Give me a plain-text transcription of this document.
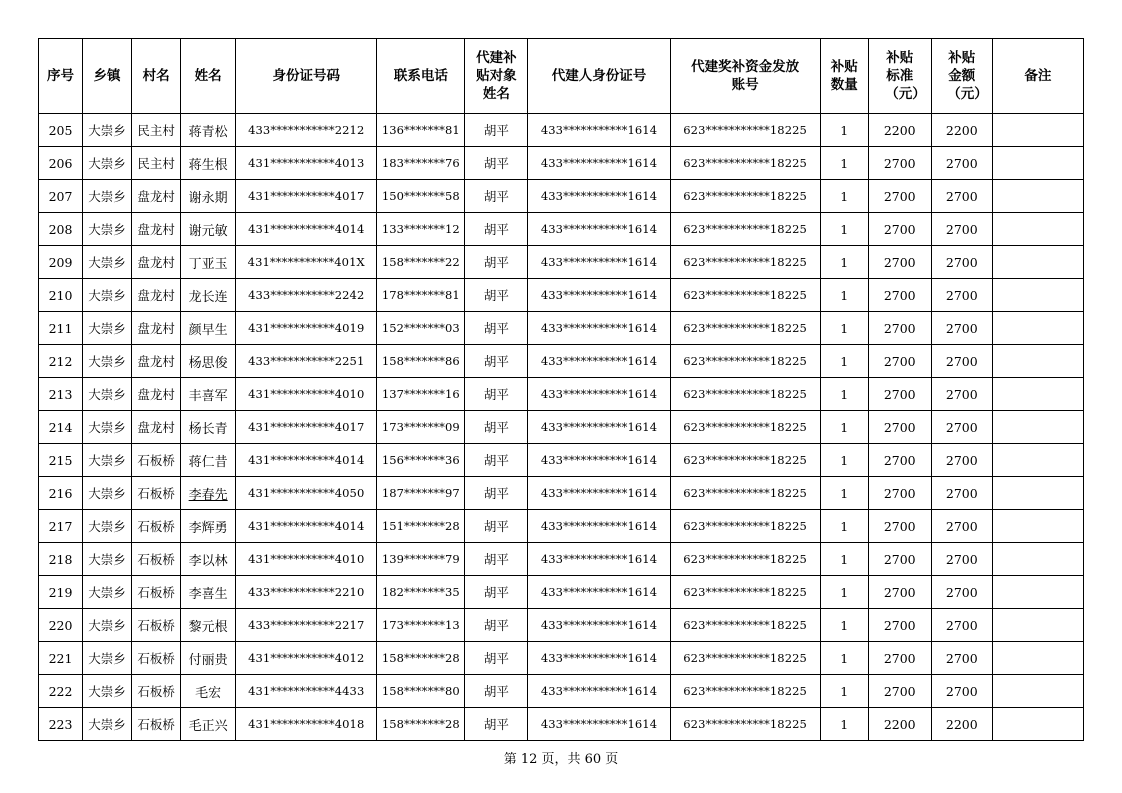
序号	乡镇	村名	姓名	身份证号码	联系电话	代建补贴对象姓名	代建人身份证号	代建奖补资金发放账号	补贴数量	补贴标准（元）	补贴金额（元）	备注
205	大崇乡	民主村	蒋青松	433***********2212	136*******81	胡平	433***********1614	623***********18225	1	2200	2200	
206	大崇乡	民主村	蒋生根	431***********4013	183*******76	胡平	433***********1614	623***********18225	1	2700	2700	
207	大崇乡	盘龙村	谢永期	431***********4017	150*******58	胡平	433***********1614	623***********18225	1	2700	2700	
208	大崇乡	盘龙村	谢元敏	431***********4014	133*******12	胡平	433***********1614	623***********18225	1	2700	2700	
209	大崇乡	盘龙村	丁亚玉	431***********401X	158*******22	胡平	433***********1614	623***********18225	1	2700	2700	
210	大崇乡	盘龙村	龙长连	433***********2242	178*******81	胡平	433***********1614	623***********18225	1	2700	2700	
211	大崇乡	盘龙村	颜早生	431***********4019	152*******03	胡平	433***********1614	623***********18225	1	2700	2700	
212	大崇乡	盘龙村	杨思俊	433***********2251	158*******86	胡平	433***********1614	623***********18225	1	2700	2700	
213	大崇乡	盘龙村	丰喜军	431***********4010	137*******16	胡平	433***********1614	623***********18225	1	2700	2700	
214	大崇乡	盘龙村	杨长青	431***********4017	173*******09	胡平	433***********1614	623***********18225	1	2700	2700	
215	大崇乡	石板桥	蒋仁昔	431***********4014	156*******36	胡平	433***********1614	623***********18225	1	2700	2700	
216	大崇乡	石板桥	李春先	431***********4050	187*******97	胡平	433***********1614	623***********18225	1	2700	2700	
217	大崇乡	石板桥	李辉勇	431***********4014	151*******28	胡平	433***********1614	623***********18225	1	2700	2700	
218	大崇乡	石板桥	李以林	431***********4010	139*******79	胡平	433***********1614	623***********18225	1	2700	2700	
219	大崇乡	石板桥	李喜生	433***********2210	182*******35	胡平	433***********1614	623***********18225	1	2700	2700	
220	大崇乡	石板桥	黎元根	433***********2217	173*******13	胡平	433***********1614	623***********18225	1	2700	2700	
221	大崇乡	石板桥	付丽贵	431***********4012	158*******28	胡平	433***********1614	623***********18225	1	2700	2700	
222	大崇乡	石板桥	毛宏	431***********4433	158*******80	胡平	433***********1614	623***********18225	1	2700	2700	
223	大崇乡	石板桥	毛正兴	431***********4018	158*******28	胡平	433***********1614	623***********18225	1	2200	2200	
第 12 页，共 60 页
